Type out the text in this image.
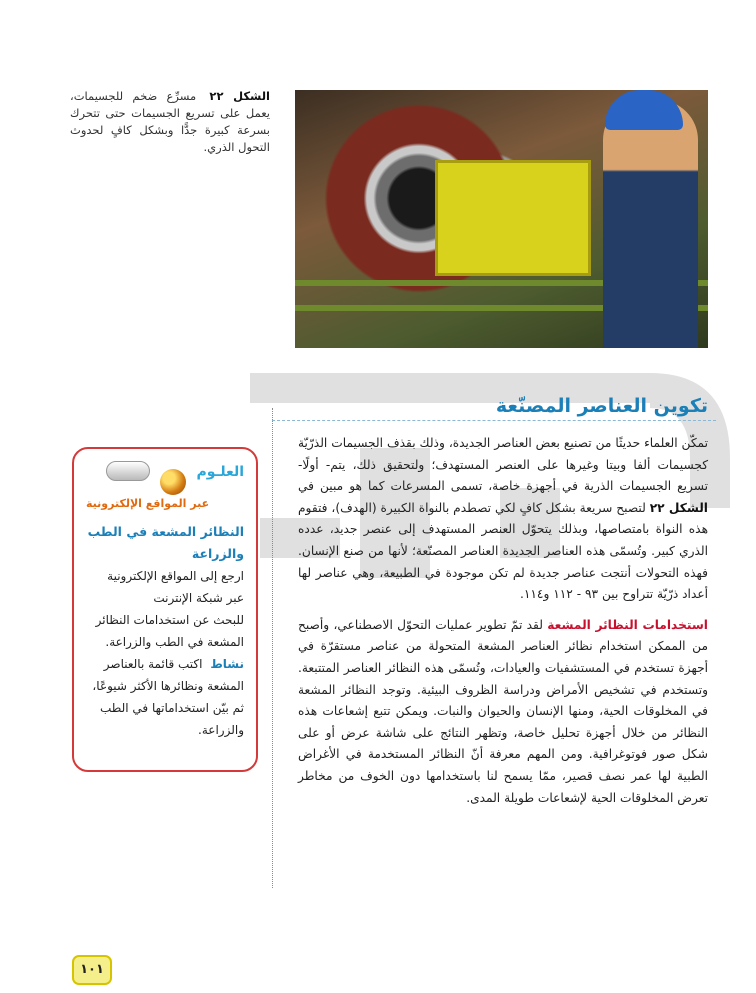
الشكل ٢٢ مسرِّع ضخم للجسيمات، يعمل على تسريع الجسيمات حتى تتحرك بسرعة كبيرة جدًّا وبشكل كافٍ لحدوث التحول الذري.
تكوين العناصر المصنّعة

تمكّن العلماء حديثًا من تصنيع بعض العناصر الجديدة، وذلك بقذف الجسيمات الذرّيّة كجسيمات ألفا وبيتا وغيرها على العنصر المستهدف؛ ولتحقيق ذلك، يتم- أولًا- تسريع الجسيمات الذرية في أجهزة خاصة، تسمى المسرعات كما هو مبين في الشكل ٢٢ لتصبح سريعة بشكل كافٍ لكي تصطدم بالنواة الكبيرة (الهدف)، فتقوم هذه النواة بامتصاصها، وبذلك يتحوّل العنصر المستهدف إلى عنصر جديد، عدده الذري كبير. وتُسمّى هذه العناصر الجديدة العناصر المصنّعة؛ لأنها من صنع الإنسان. فهذه التحولات أنتجت عناصر جديدة لم تكن موجودة في الطبيعة، وهي عناصر لها أعداد ذرّيّة تتراوح بين ٩٣ - ١١٢ و١١٤.

استخدامات النظائر المشعة لقد تمّ تطوير عمليات التحوّل الاصطناعي، وأصبح من الممكن استخدام نظائر العناصر المشعة المتحولة من عناصر مستقرّة في أجهزة تستخدم في المستشفيات والعيادات، وتُسمّى هذه النظائر العناصر المتتبعة. وتستخدم في تشخيص الأمراض ودراسة الظروف البيئية. وتوجد النظائر المشعة في المخلوقات الحية، ومنها الإنسان والحيوان والنبات. ويمكن تتبع إشعاعات هذه النظائر من خلال أجهزة تحليل خاصة، وتظهر النتائج على شاشة عرض أو على شكل صور فوتوغرافية. ومن المهم معرفة أنّ النظائر المستخدمة في الأغراض الطبية لها عمر نصف قصير، ممّا يسمح لنا باستخدامها دون الخوف من مخاطر تعرض المخلوقات الحية لإشعاعات طويلة المدى.

العلـوم
عبر المواقع الإلكترونية
النظائر المشعة في الطب والزراعة

ارجع إلى المواقع الإلكترونية عبر شبكة الإنترنت

للبحث عن استخدامات النظائر المشعة في الطب والزراعة.

نشاط اكتب قائمة بالعناصر المشعة ونظائرها الأكثر شيوعًا، ثم بيّن استخداماتها في الطب والزراعة.

١٠١
